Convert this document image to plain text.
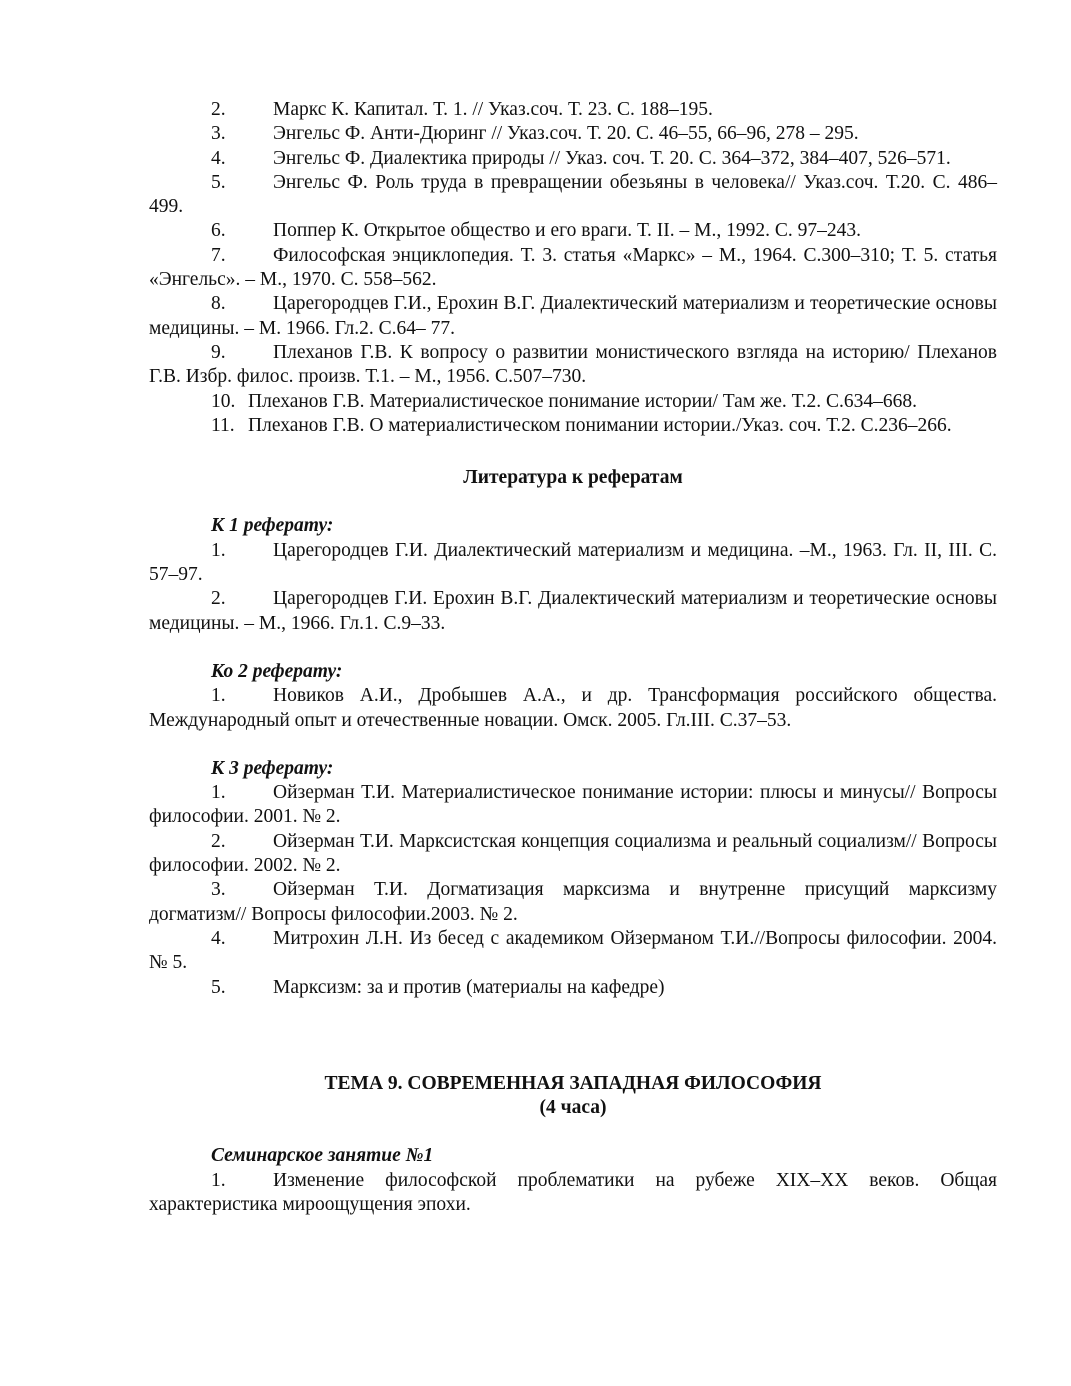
2. Маркс К. Капитал. Т. 1. // Указ.соч. Т. 23. С. 188–195.

3. Энгельс Ф. Анти-Дюринг // Указ.соч. Т. 20. С. 46–55, 66–96, 278 – 295.

4. Энгельс Ф. Диалектика природы // Указ. соч. Т. 20. С. 364–372, 384–407, 526–571.

5. Энгельс Ф. Роль труда в превращении обезьяны в человека// Указ.соч. Т.20. С. 486–499.

6. Поппер К. Открытое общество и его враги. Т. II. – М., 1992. С. 97–243.

7. Философская энциклопедия. Т. 3. статья «Маркс» – М., 1964. С.300–310; Т. 5. статья «Энгельс». – М., 1970. С. 558–562.

8. Царегородцев Г.И., Ерохин В.Г. Диалектический материализм и теоретические основы медицины. – М. 1966. Гл.2. С.64– 77.

9. Плеханов Г.В. К вопросу о развитии монистического взгляда на историю/ Плеханов Г.В. Избр. филос. произв. Т.1. – М., 1956. С.507–730.

10. Плеханов Г.В. Материалистическое понимание истории/ Там же. Т.2. С.634–668.

11. Плеханов Г.В. О материалистическом понимании истории./Указ. соч. Т.2. С.236–266.

Литература к рефератам

К 1 реферату:

1. Царегородцев Г.И. Диалектический материализм и медицина. –М., 1963. Гл. II, III. С. 57–97.

2. Царегородцев Г.И. Ерохин В.Г. Диалектический материализм и теоретические основы медицины. – М., 1966. Гл.1. С.9–33.

Ко 2 реферату:

1. Новиков А.И., Дробышев А.А., и др. Трансформация российского общества. Международный опыт и отечественные новации. Омск. 2005. Гл.III. С.37–53.

К 3 реферату:

1. Ойзерман Т.И. Материалистическое понимание истории: плюсы и минусы// Вопросы философии. 2001. № 2.

2. Ойзерман Т.И. Марксистская концепция социализма и реальный социализм// Вопросы философии. 2002. № 2.

3. Ойзерман Т.И. Догматизация марксизма и внутренне присущий марксизму догматизм// Вопросы философии.2003. № 2.

4. Митрохин Л.Н. Из бесед с академиком Ойзерманом Т.И.//Вопросы философии. 2004. № 5.

5. Марксизм: за и против (материалы на кафедре)

ТЕМА 9. СОВРЕМЕННАЯ ЗАПАДНАЯ ФИЛОСОФИЯ

(4 часа)

Семинарское занятие №1

1. Изменение философской проблематики на рубеже XIX–XX веков. Общая характеристика мироощущения эпохи.
